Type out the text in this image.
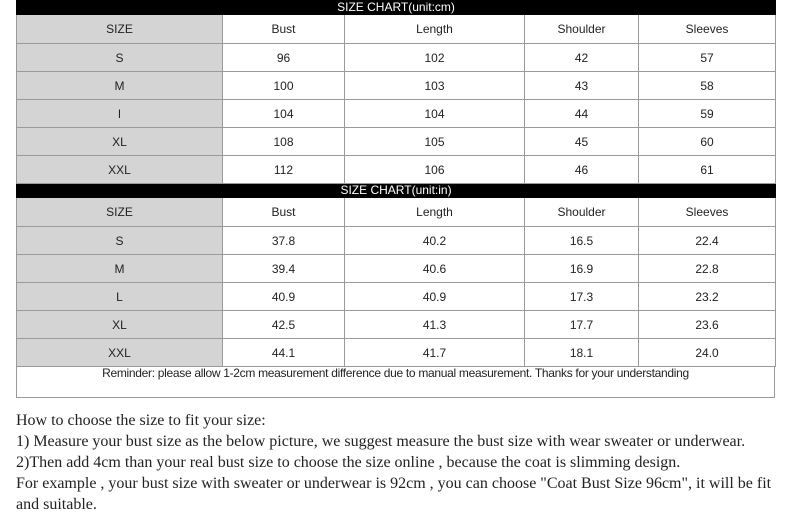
SIZE CHART(unit:cm)				
SIZE	Bust	Length	Shoulder	Sleeves
S	96	102	42	57
M	100	103	43	58
l	104	104	44	59
XL	108	105	45	60
XXL	112	106	46	61
SIZE CHART(unit:in)				
SIZE	Bust	Length	Shoulder	Sleeves
S	37.8	40.2	16.5	22.4
M	39.4	40.6	16.9	22.8
L	40.9	40.9	17.3	23.2
XL	42.5	41.3	17.7	23.6
XXL	44.1	41.7	18.1	24.0
Reminder: please allow 1-2cm measurement difference due to manual measurement. Thanks for your understanding

How to choose the size to fit your size:

1) Measure your bust size as the below picture, we suggest measure the bust size with wear sweater or underwear.

2)Then add 4cm than your real bust size to choose the size online , because the coat is slimming design.

For example , your bust size with sweater or underwear is 92cm , you can choose "Coat Bust Size 96cm", it will be fit and suitable.
